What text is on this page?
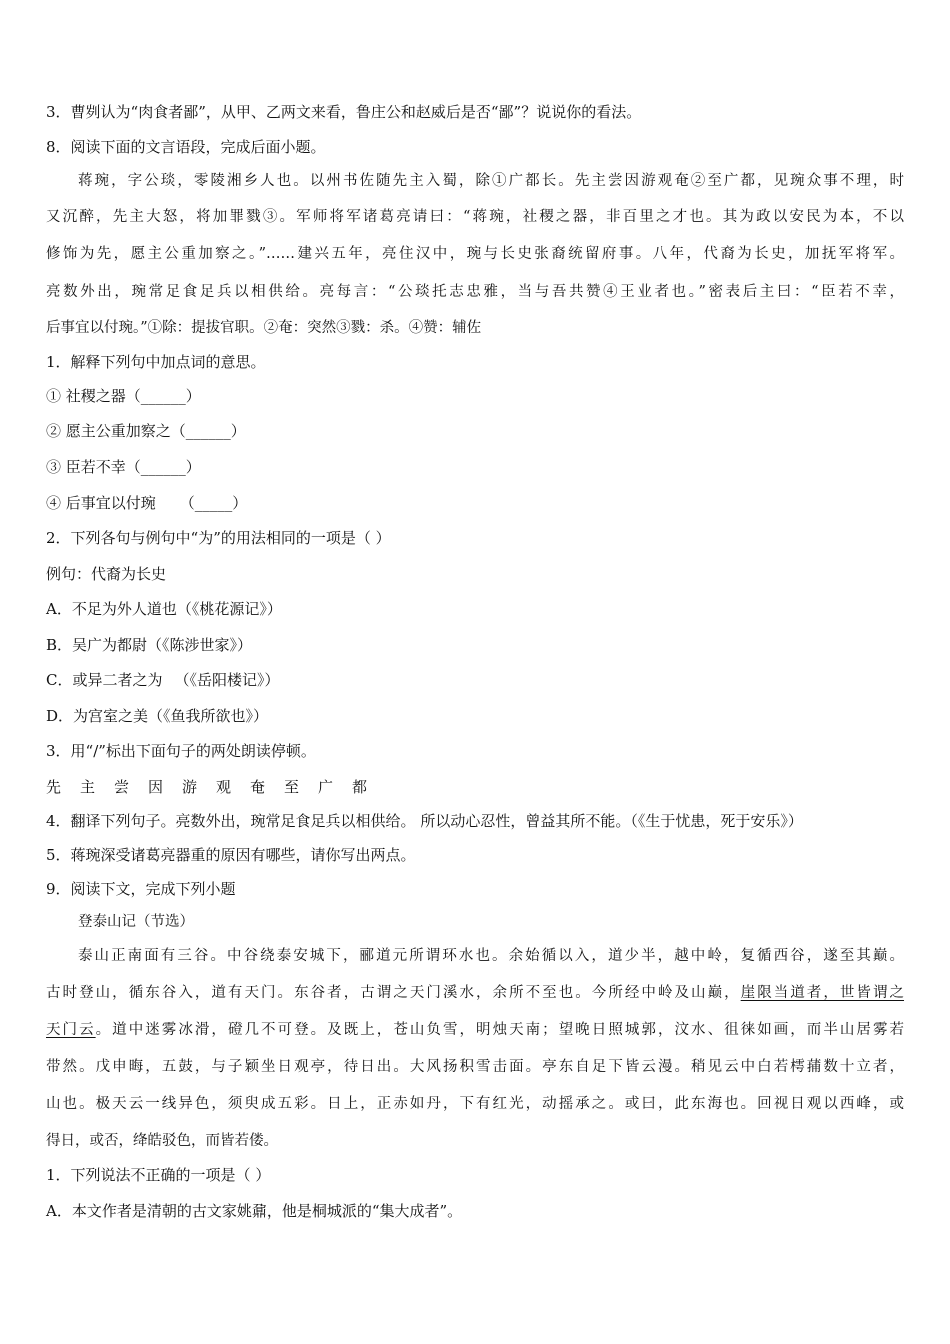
3．曹刿认为“肉食者鄙”，从甲、乙两文来看，鲁庄公和赵威后是否“鄙”？说说你的看法。
8．阅读下面的文言语段，完成后面小题。
蒋琬，字公琰，零陵湘乡人也。以州书佐随先主入蜀，除①广都长。先主尝因游观奄②至广都，见琬众事不理，时
又沉醉，先主大怒，将加罪戮③。军师将军诸葛亮请曰：“蒋琬，社稷之器，非百里之才也。其为政以安民为本，不以
修饰为先，愿主公重加察之。”……建兴五年，亮住汉中，琬与长史张裔统留府事。八年，代裔为长史，加抚军将军。
亮数外出，琬常足食足兵以相供给。亮每言：“公琰托志忠雅，当与吾共赞④王业者也。”密表后主曰：“臣若不幸，
后事宜以付琬。”①除：提拔官职。②奄：突然③戮：杀。④赞：辅佐
1．解释下列句中加点词的意思。
① 社稷之器（______）
② 愿主公重加察之（______）
③ 臣若不幸（______）
④ 后事宜以付琬 （_____）
2．下列各句与例句中“为”的用法相同的一项是（ ）
例句：代裔为长史
A．不足为外人道也（《桃花源记》）
B．吴广为都尉（《陈涉世家》）
C．或异二者之为 （《岳阳楼记》）
D．为宫室之美（《鱼我所欲也》）
3．用“/”标出下面句子的两处朗读停顿。
先主尝因游观奄至广都
4．翻译下列句子。亮数外出，琬常足食足兵以相供给。 所以动心忍性，曾益其所不能。（《生于忧患，死于安乐》）
5．蒋琬深受诸葛亮器重的原因有哪些，请你写出两点。
9．阅读下文，完成下列小题
登泰山记（节选）
泰山正南面有三谷。中谷绕泰安城下，郦道元所谓环水也。余始循以入，道少半，越中岭，复循西谷，遂至其巅。
古时登山，循东谷入，道有天门。东谷者，古谓之天门溪水，余所不至也。今所经中岭及山巅，崖限当道者，世皆谓之
天门云。道中迷雾冰滑，磴几不可登。及既上，苍山负雪，明烛天南；望晚日照城郭，汶水、徂徕如画，而半山居雾若
带然。戊申晦，五鼓，与子颖坐日观亭，待日出。大风扬积雪击面。亭东自足下皆云漫。稍见云中白若樗蒱数十立者，
山也。极天云一线异色，须臾成五彩。日上，正赤如丹，下有红光，动摇承之。或曰，此东海也。回视日观以西峰，或
得日，或否，绛皓驳色，而皆若偻。
1．下列说法不正确的一项是（ ）
A．本文作者是清朝的古文家姚鼐，他是桐城派的“集大成者”。
